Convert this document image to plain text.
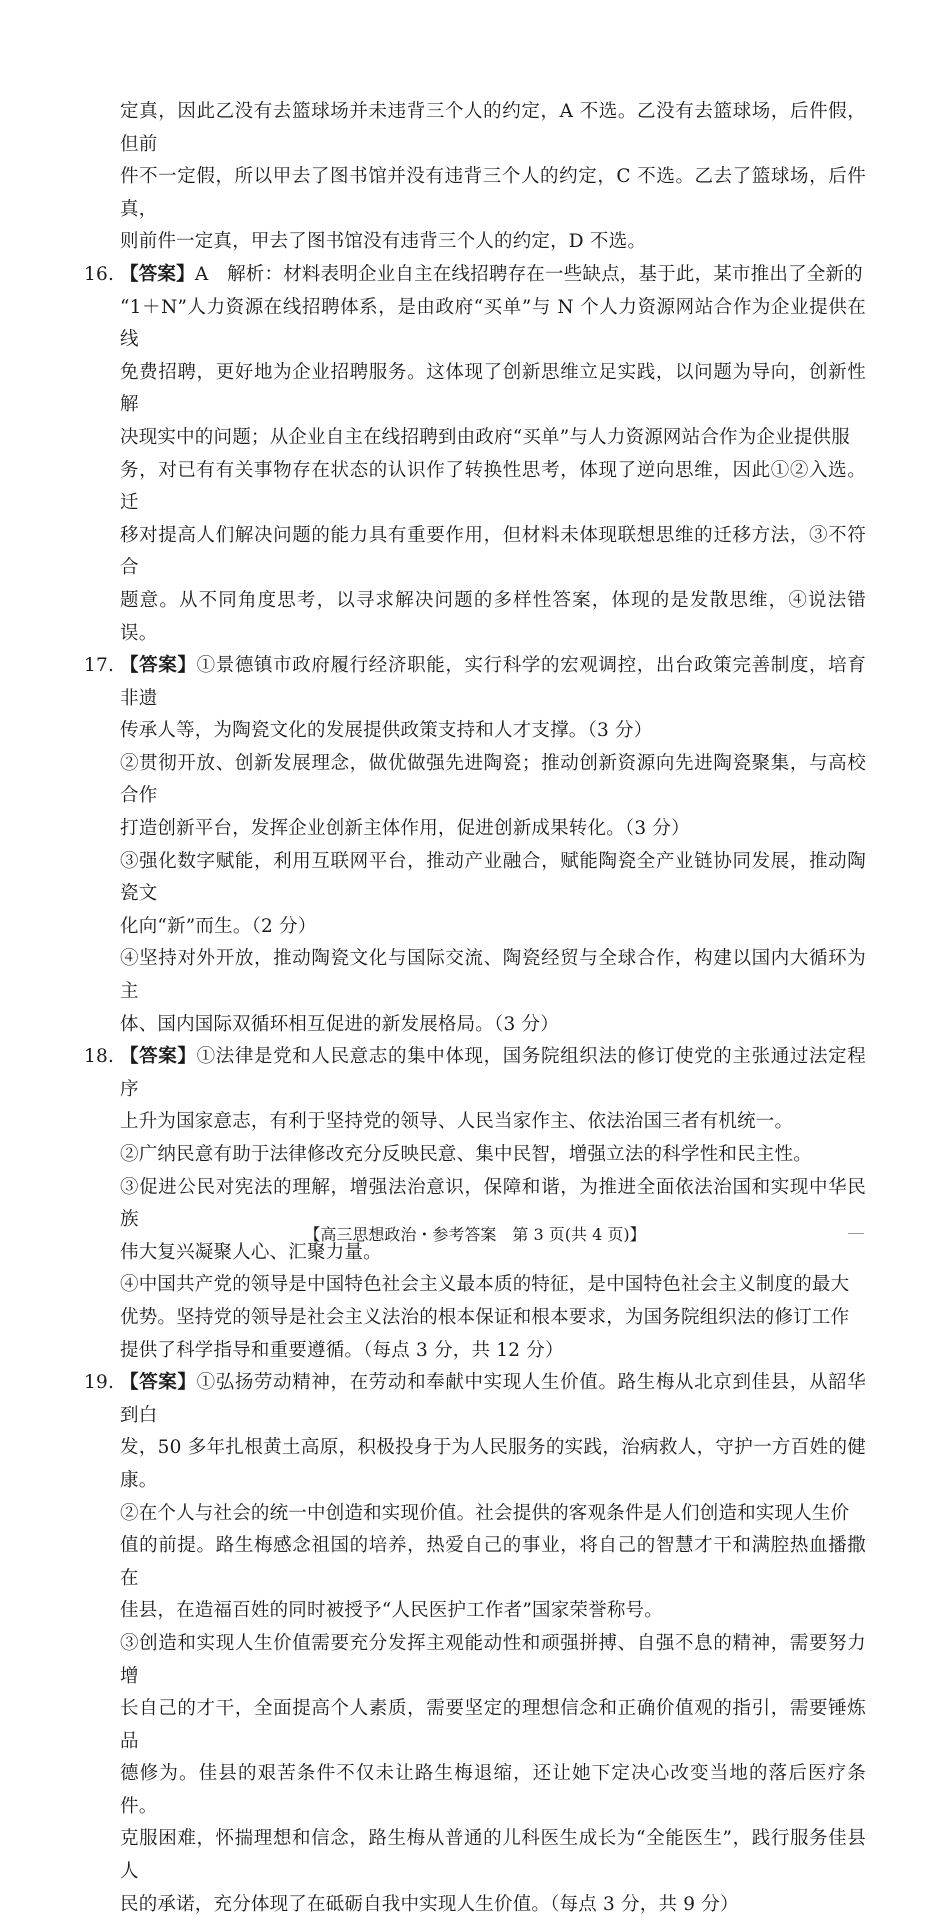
定真，因此乙没有去篮球场并未违背三个人的约定，A 不选。乙没有去篮球场，后件假，但前
件不一定假，所以甲去了图书馆并没有违背三个人的约定，C 不选。乙去了篮球场，后件真，
则前件一定真，甲去了图书馆没有违背三个人的约定，D 不选。
16. 【答案】A　解析：材料表明企业自主在线招聘存在一些缺点，基于此，某市推出了全新的
“1＋N”人力资源在线招聘体系，是由政府“买单”与 N 个人力资源网站合作为企业提供在线
免费招聘，更好地为企业招聘服务。这体现了创新思维立足实践，以问题为导向，创新性解
决现实中的问题；从企业自主在线招聘到由政府“买单”与人力资源网站合作为企业提供服
务，对已有有关事物存在状态的认识作了转换性思考，体现了逆向思维，因此①②入选。迁
移对提高人们解决问题的能力具有重要作用，但材料未体现联想思维的迁移方法，③不符合
题意。从不同角度思考，以寻求解决问题的多样性答案，体现的是发散思维，④说法错误。
17. 【答案】①景德镇市政府履行经济职能，实行科学的宏观调控，出台政策完善制度，培育非遗
传承人等，为陶瓷文化的发展提供政策支持和人才支撑。（3 分）
②贯彻开放、创新发展理念，做优做强先进陶瓷；推动创新资源向先进陶瓷聚集，与高校合作
打造创新平台，发挥企业创新主体作用，促进创新成果转化。（3 分）
③强化数字赋能，利用互联网平台，推动产业融合，赋能陶瓷全产业链协同发展，推动陶瓷文
化向“新”而生。（2 分）
④坚持对外开放，推动陶瓷文化与国际交流、陶瓷经贸与全球合作，构建以国内大循环为主
体、国内国际双循环相互促进的新发展格局。（3 分）
18. 【答案】①法律是党和人民意志的集中体现，国务院组织法的修订使党的主张通过法定程序
上升为国家意志，有利于坚持党的领导、人民当家作主、依法治国三者有机统一。
②广纳民意有助于法律修改充分反映民意、集中民智，增强立法的科学性和民主性。
③促进公民对宪法的理解，增强法治意识，保障和谐，为推进全面依法治国和实现中华民族
伟大复兴凝聚人心、汇聚力量。
④中国共产党的领导是中国特色社会主义最本质的特征，是中国特色社会主义制度的最大
优势。坚持党的领导是社会主义法治的根本保证和根本要求，为国务院组织法的修订工作
提供了科学指导和重要遵循。（每点 3 分，共 12 分）
19. 【答案】①弘扬劳动精神，在劳动和奉献中实现人生价值。路生梅从北京到佳县，从韶华到白
发，50 多年扎根黄土高原，积极投身于为人民服务的实践，治病救人，守护一方百姓的健康。
②在个人与社会的统一中创造和实现价值。社会提供的客观条件是人们创造和实现人生价
值的前提。路生梅感念祖国的培养，热爱自己的事业，将自己的智慧才干和满腔热血播撒在
佳县，在造福百姓的同时被授予“人民医护工作者”国家荣誉称号。
③创造和实现人生价值需要充分发挥主观能动性和顽强拼搏、自强不息的精神，需要努力增
长自己的才干，全面提高个人素质，需要坚定的理想信念和正确价值观的指引，需要锤炼品
德修为。佳县的艰苦条件不仅未让路生梅退缩，还让她下定决心改变当地的落后医疗条件。
克服困难，怀揣理想和信念，路生梅从普通的儿科医生成长为“全能医生”，践行服务佳县人
民的承诺，充分体现了在砥砺自我中实现人生价值。（每点 3 分，共 9 分）
【高三思想政治・参考答案　第 3 页(共 4 页)】
